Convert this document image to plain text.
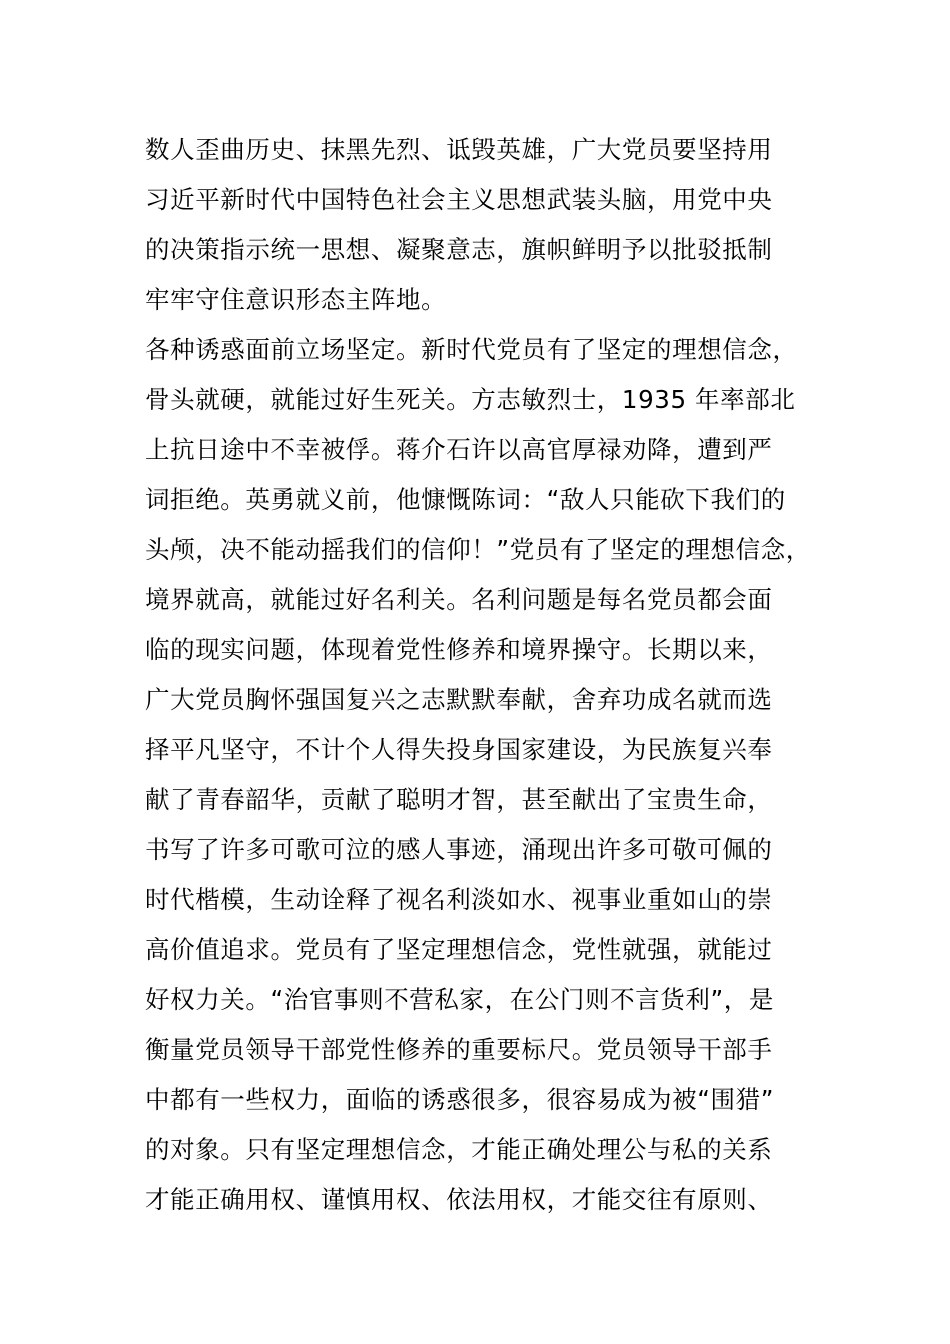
数人歪曲历史、抹黑先烈、诋毁英雄，广大党员要坚持用
习近平新时代中国特色社会主义思想武装头脑，用党中央
的决策指示统一思想、凝聚意志，旗帜鲜明予以批驳抵制
牢牢守住意识形态主阵地。
各种诱惑面前立场坚定。新时代党员有了坚定的理想信念，
骨头就硬，就能过好生死关。方志敏烈士，1935 年率部北
上抗日途中不幸被俘。蒋介石许以高官厚禄劝降，遭到严
词拒绝。英勇就义前，他慷慨陈词：“敌人只能砍下我们的
头颅，决不能动摇我们的信仰！”党员有了坚定的理想信念，
境界就高，就能过好名利关。名利问题是每名党员都会面
临的现实问题，体现着党性修养和境界操守。长期以来，
广大党员胸怀强国复兴之志默默奉献，舍弃功成名就而选
择平凡坚守，不计个人得失投身国家建设，为民族复兴奉
献了青春韶华，贡献了聪明才智，甚至献出了宝贵生命，
书写了许多可歌可泣的感人事迹，涌现出许多可敬可佩的
时代楷模，生动诠释了视名利淡如水、视事业重如山的崇
高价值追求。党员有了坚定理想信念，党性就强，就能过
好权力关。“治官事则不营私家，在公门则不言货利”，是
衡量党员领导干部党性修养的重要标尺。党员领导干部手
中都有一些权力，面临的诱惑很多，很容易成为被“围猎”
的对象。只有坚定理想信念，才能正确处理公与私的关系
才能正确用权、谨慎用权、依法用权，才能交往有原则、
